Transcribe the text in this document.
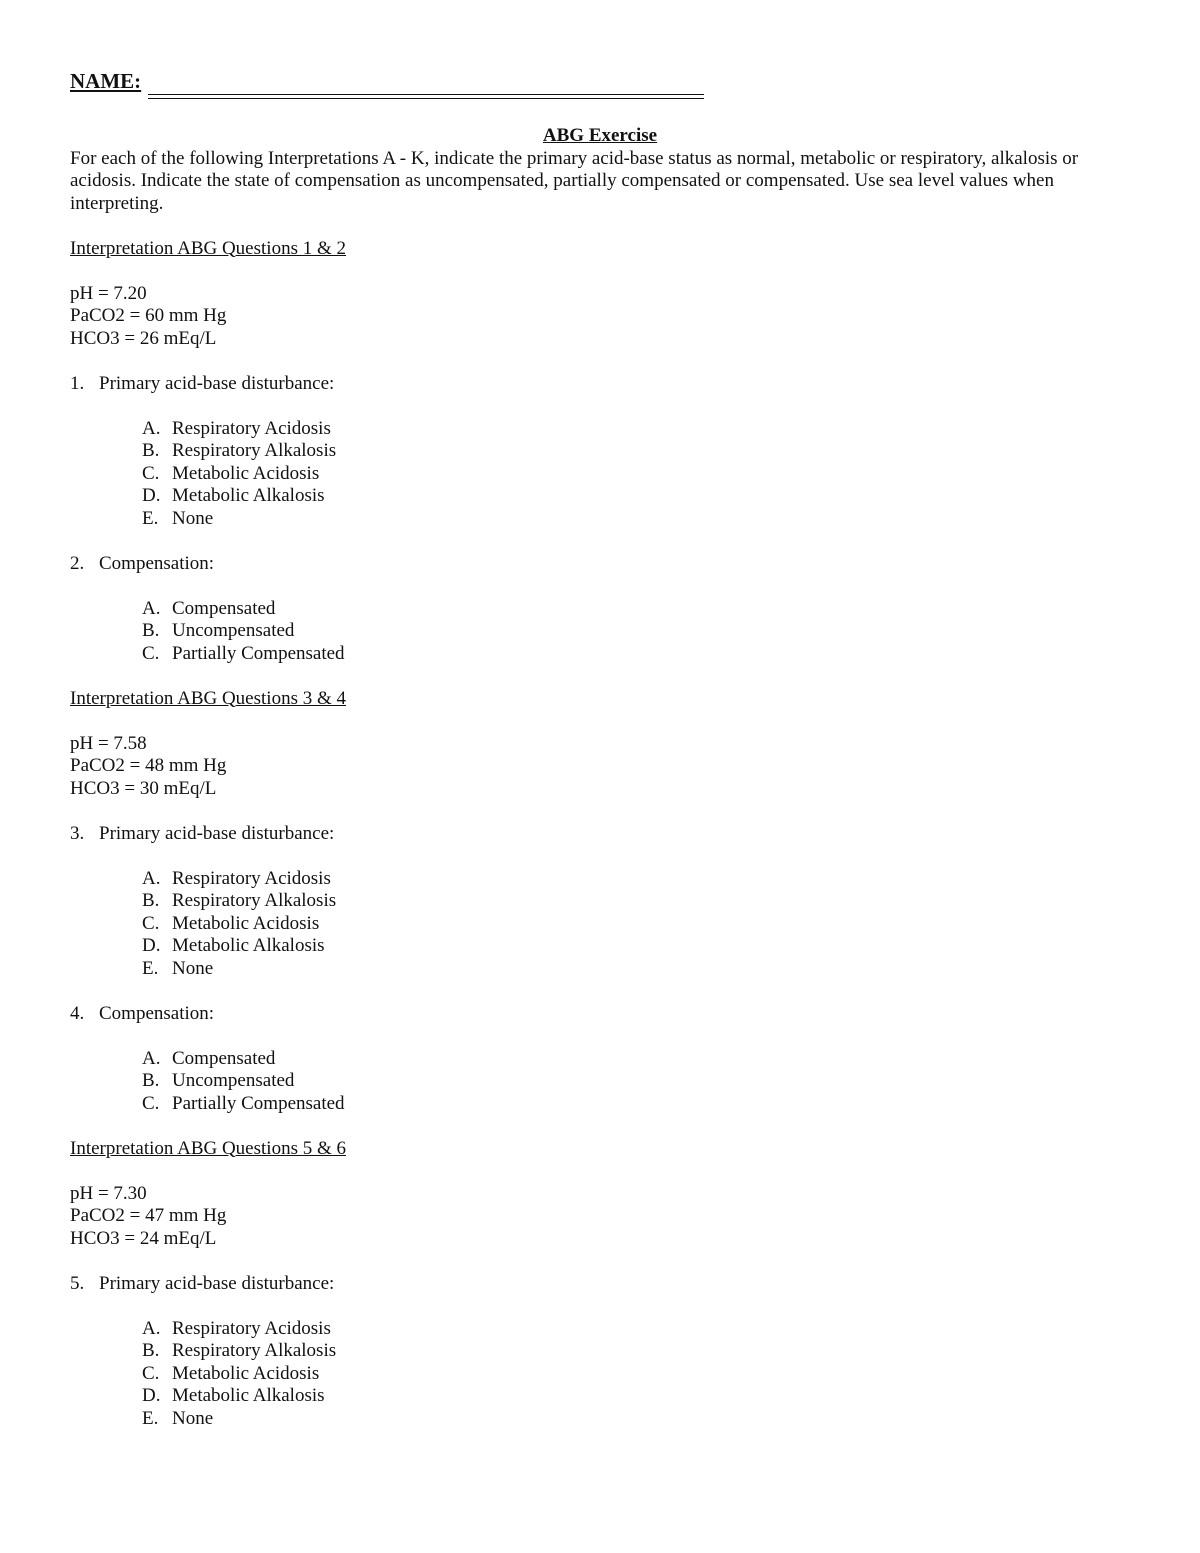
NAME:
ABG Exercise

For each of the following Interpretations A - K, indicate the primary acid-base status as normal, metabolic or respiratory, alkalosis or acidosis. Indicate the state of compensation as uncompensated, partially compensated or compensated. Use sea level values when interpreting.

Interpretation ABG Questions 1 & 2
pH = 7.20
PaCO2 = 60 mm Hg
HCO3 = 26 mEq/L
1. Primary acid-base disturbance:
A. Respiratory Acidosis
B. Respiratory Alkalosis
C. Metabolic Acidosis
D. Metabolic Alkalosis
E. None
2. Compensation:
A. Compensated
B. Uncompensated
C. Partially Compensated
Interpretation ABG Questions 3 & 4
pH = 7.58
PaCO2 = 48 mm Hg
HCO3 = 30 mEq/L
3. Primary acid-base disturbance:
A. Respiratory Acidosis
B. Respiratory Alkalosis
C. Metabolic Acidosis
D. Metabolic Alkalosis
E. None
4. Compensation:
A. Compensated
B. Uncompensated
C. Partially Compensated
Interpretation ABG Questions 5 & 6
pH = 7.30
PaCO2 = 47 mm Hg
HCO3 = 24 mEq/L
5. Primary acid-base disturbance:
A. Respiratory Acidosis
B. Respiratory Alkalosis
C. Metabolic Acidosis
D. Metabolic Alkalosis
E. None
